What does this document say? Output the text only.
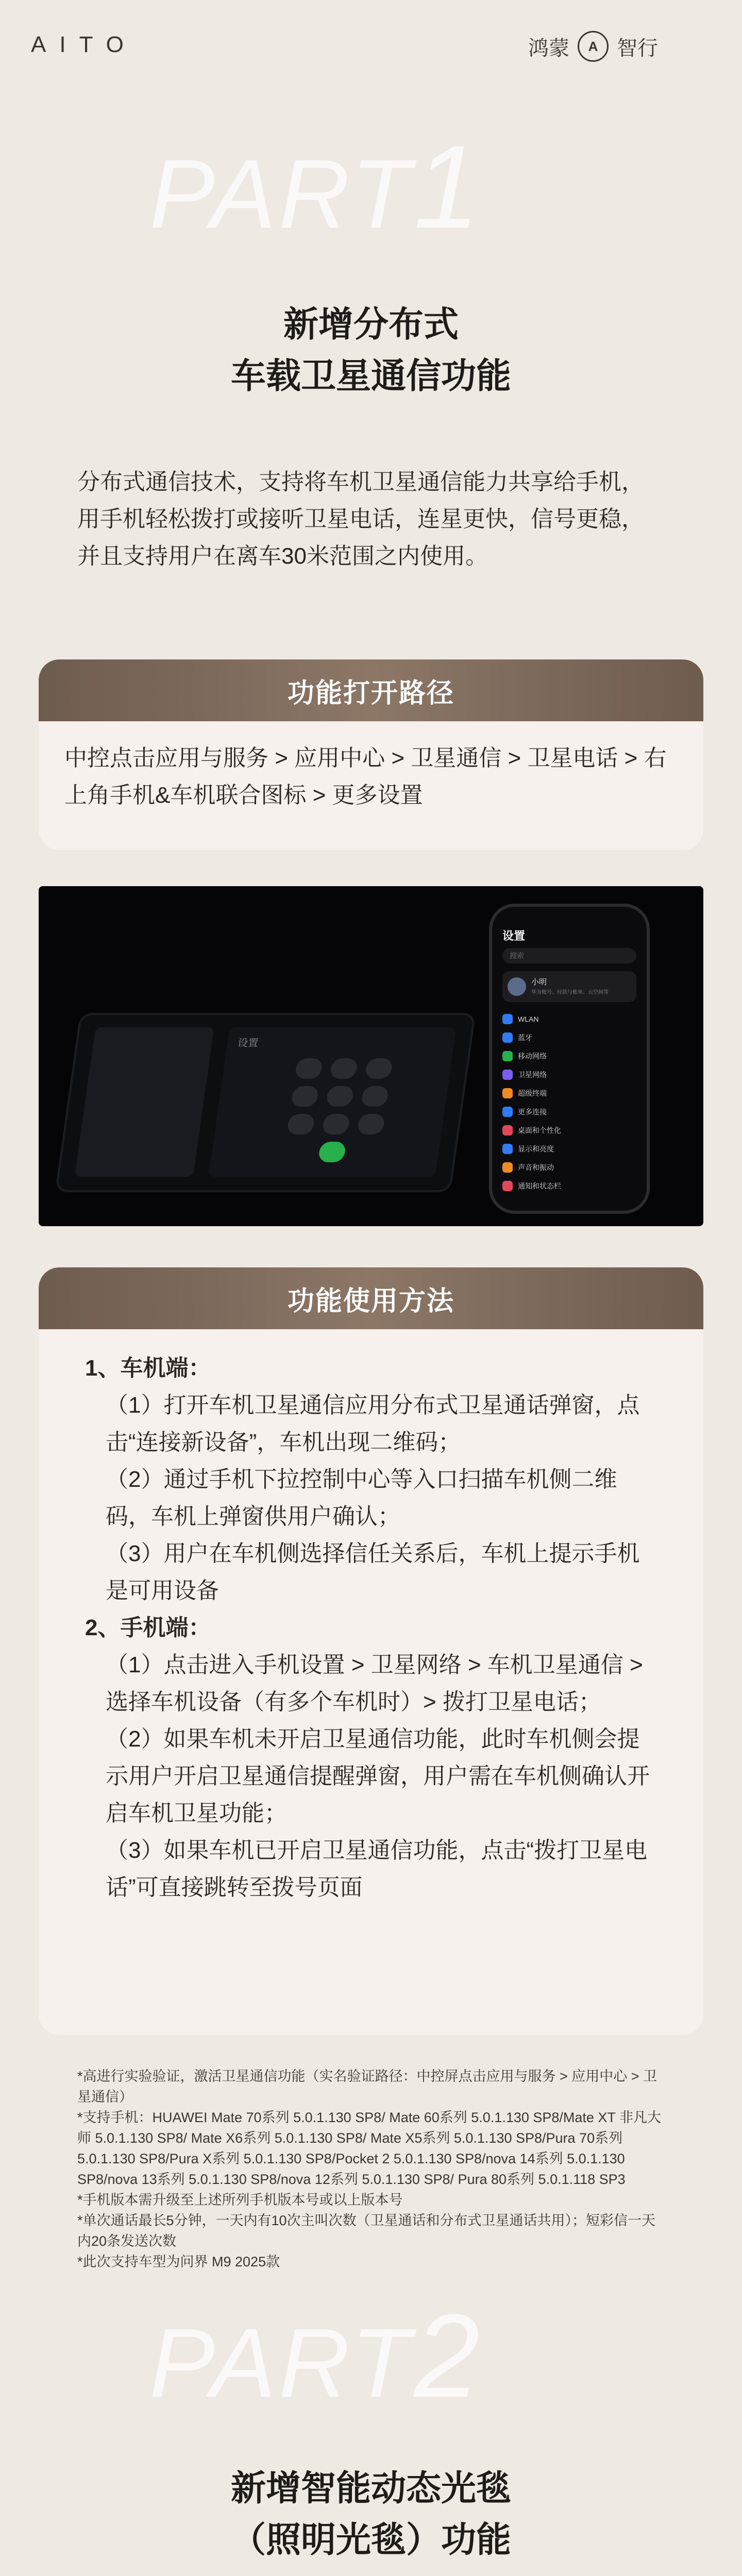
AITO	鸿蒙 A 智行
PART1
新增分布式
车载卫星通信功能
分布式通信技术，支持将车机卫星通信能力共享给手机，用手机轻松拨打或接听卫星电话，连星更快，信号更稳，并且支持用户在离车30米范围之内使用。
功能打开路径
中控点击应用与服务 > 应用中心 > 卫星通信 > 卫星电话 > 右上角手机&车机联合图标 > 更多设置
设置
设置
搜索
小明
华为账号、付款与账单、云空间等
WLAN
蓝牙
移动网络
卫星网络
超级终端
更多连接
桌面和个性化
显示和亮度
声音和振动
通知和状态栏
功能使用方法

1、车机端：

（1）打开车机卫星通信应用分布式卫星通话弹窗，点击“连接新设备”，车机出现二维码；

（2）通过手机下拉控制中心等入口扫描车机侧二维码，车机上弹窗供用户确认；

（3）用户在车机侧选择信任关系后，车机上提示手机是可用设备

2、手机端：

（1）点击进入手机设置 > 卫星网络 > 车机卫星通信 > 选择车机设备（有多个车机时）> 拨打卫星电话；

（2）如果车机未开启卫星通信功能，此时车机侧会提示用户开启卫星通信提醒弹窗，用户需在车机侧确认开启车机卫星功能；

（3）如果车机已开启卫星通信功能，点击“拨打卫星电话”可直接跳转至拨号页面

*高进行实验验证，激活卫星通信功能（实名验证路径：中控屏点击应用与服务 > 应用中心 > 卫星通信）

*支持手机：HUAWEI Mate 70系列 5.0.1.130 SP8/ Mate 60系列 5.0.1.130 SP8/Mate XT 非凡大师 5.0.1.130 SP8/ Mate X6系列 5.0.1.130 SP8/ Mate X5系列 5.0.1.130 SP8/Pura 70系列 5.0.1.130 SP8/Pura X系列 5.0.1.130 SP8/Pocket 2 5.0.1.130 SP8/nova 14系列 5.0.1.130 SP8/nova 13系列 5.0.1.130 SP8/nova 12系列 5.0.1.130 SP8/ Pura 80系列 5.0.1.118 SP3

*手机版本需升级至上述所列手机版本号或以上版本号

*单次通话最长5分钟，一天内有10次主叫次数（卫星通话和分布式卫星通话共用）；短彩信一天内20条发送次数

*此次支持车型为问界 M9 2025款

PART2
新增智能动态光毯
（照明光毯）功能
